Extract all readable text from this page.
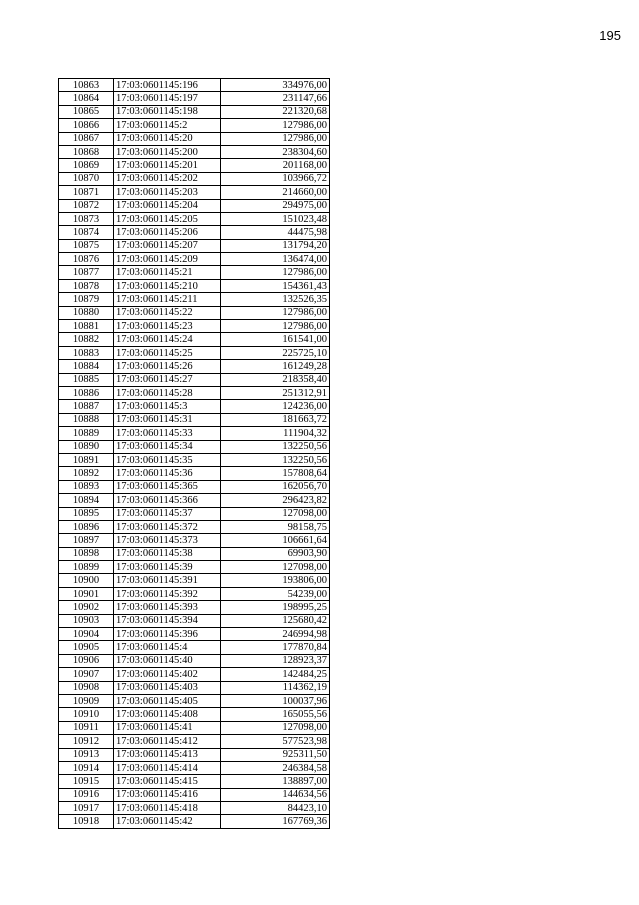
195
10863	17:03:0601145:196	334976,00
10864	17:03:0601145:197	231147,66
10865	17:03:0601145:198	221320,68
10866	17:03:0601145:2	127986,00
10867	17:03:0601145:20	127986,00
10868	17:03:0601145:200	238304,60
10869	17:03:0601145:201	201168,00
10870	17:03:0601145:202	103966,72
10871	17:03:0601145:203	214660,00
10872	17:03:0601145:204	294975,00
10873	17:03:0601145:205	151023,48
10874	17:03:0601145:206	44475,98
10875	17:03:0601145:207	131794,20
10876	17:03:0601145:209	136474,00
10877	17:03:0601145:21	127986,00
10878	17:03:0601145:210	154361,43
10879	17:03:0601145:211	132526,35
10880	17:03:0601145:22	127986,00
10881	17:03:0601145:23	127986,00
10882	17:03:0601145:24	161541,00
10883	17:03:0601145:25	225725,10
10884	17:03:0601145:26	161249,28
10885	17:03:0601145:27	218358,40
10886	17:03:0601145:28	251312,91
10887	17:03:0601145:3	124236,00
10888	17:03:0601145:31	181663,72
10889	17:03:0601145:33	111904,32
10890	17:03:0601145:34	132250,56
10891	17:03:0601145:35	132250,56
10892	17:03:0601145:36	157808,64
10893	17:03:0601145:365	162056,70
10894	17:03:0601145:366	296423,82
10895	17:03:0601145:37	127098,00
10896	17:03:0601145:372	98158,75
10897	17:03:0601145:373	106661,64
10898	17:03:0601145:38	69903,90
10899	17:03:0601145:39	127098,00
10900	17:03:0601145:391	193806,00
10901	17:03:0601145:392	54239,00
10902	17:03:0601145:393	198995,25
10903	17:03:0601145:394	125680,42
10904	17:03:0601145:396	246994,98
10905	17:03:0601145:4	177870,84
10906	17:03:0601145:40	128923,37
10907	17:03:0601145:402	142484,25
10908	17:03:0601145:403	114362,19
10909	17:03:0601145:405	100037,96
10910	17:03:0601145:408	165055,56
10911	17:03:0601145:41	127098,00
10912	17:03:0601145:412	577523,98
10913	17:03:0601145:413	925311,50
10914	17:03:0601145:414	246384,58
10915	17:03:0601145:415	138897,00
10916	17:03:0601145:416	144634,56
10917	17:03:0601145:418	84423,10
10918	17:03:0601145:42	167769,36
